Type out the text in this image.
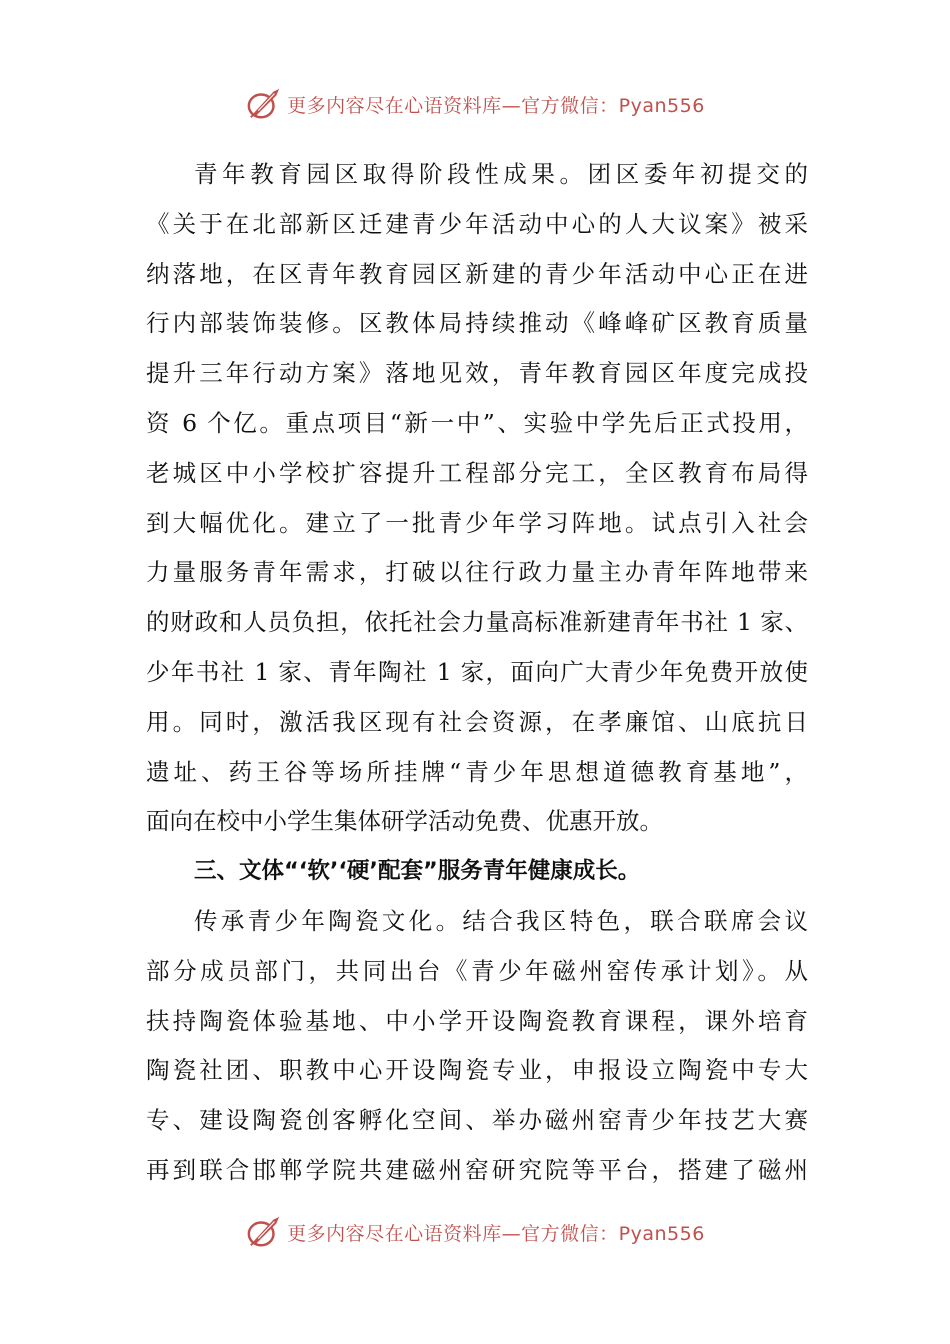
更多内容尽在心语资料库—官方微信：Pyan556
青年教育园区取得阶段性成果。团区委年初提交的
《关于在北部新区迁建青少年活动中心的人大议案》被采
纳落地，在区青年教育园区新建的青少年活动中心正在进
行内部装饰装修。区教体局持续推动《峰峰矿区教育质量
提升三年行动方案》落地见效，青年教育园区年度完成投
资 6 个亿。重点项目“新一中”、实验中学先后正式投用，
老城区中小学校扩容提升工程部分完工，全区教育布局得
到大幅优化。建立了一批青少年学习阵地。试点引入社会
力量服务青年需求，打破以往行政力量主办青年阵地带来
的财政和人员负担，依托社会力量高标准新建青年书社 1 家、
少年书社 1 家、青年陶社 1 家，面向广大青少年免费开放使
用。同时，激活我区现有社会资源，在孝廉馆、山底抗日
遗址、药王谷等场所挂牌“青少年思想道德教育基地”，
面向在校中小学生集体研学活动免费、优惠开放。
三、文体“‘软’‘硬’配套”服务青年健康成长。
传承青少年陶瓷文化。结合我区特色，联合联席会议
部分成员部门，共同出台《青少年磁州窑传承计划》。从
扶持陶瓷体验基地、中小学开设陶瓷教育课程，课外培育
陶瓷社团、职教中心开设陶瓷专业，申报设立陶瓷中专大
专、建设陶瓷创客孵化空间、举办磁州窑青少年技艺大赛
再到联合邯郸学院共建磁州窑研究院等平台，搭建了磁州
更多内容尽在心语资料库—官方微信：Pyan556
